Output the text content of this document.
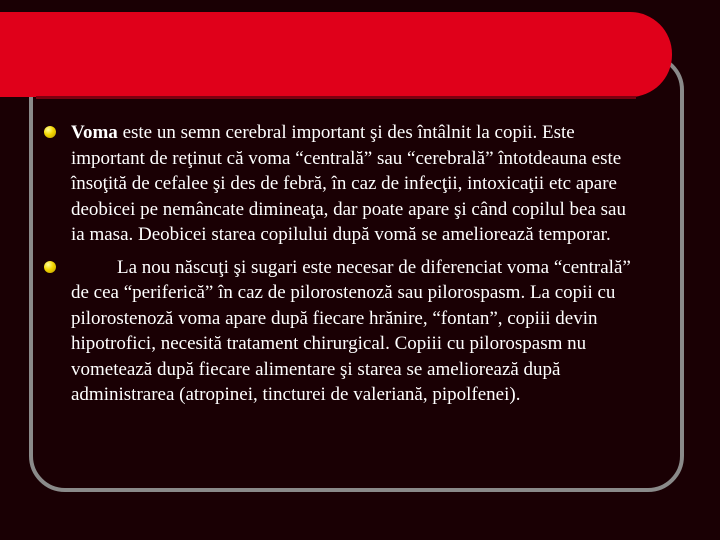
Voma este un semn cerebral important şi des întâlnit la copii. Este important de reţinut că voma “centrală” sau “cerebrală” întotdeauna este însoţită de cefalee şi des de febră, în caz de infecţii, intoxicaţii etc apare deobicei pe nemâncate dimineaţa, dar poate apare şi când copilul bea sau ia masa. Deobicei starea copilului după vomă se ameliorează temporar.
La nou născuţi şi sugari este necesar de diferenciat voma “centrală” de cea “periferică” în caz de pilorostenoză sau pilorospasm. La copii cu pilorostenoză voma apare după fiecare hrănire, “fontan”, copiii devin hipotrofici, necesită tratament chirurgical. Copiii cu pilorospasm nu vometează după fiecare alimentare şi starea se ameliorează după administrarea (atropinei, tincturei de valeriană, pipolfenei).
